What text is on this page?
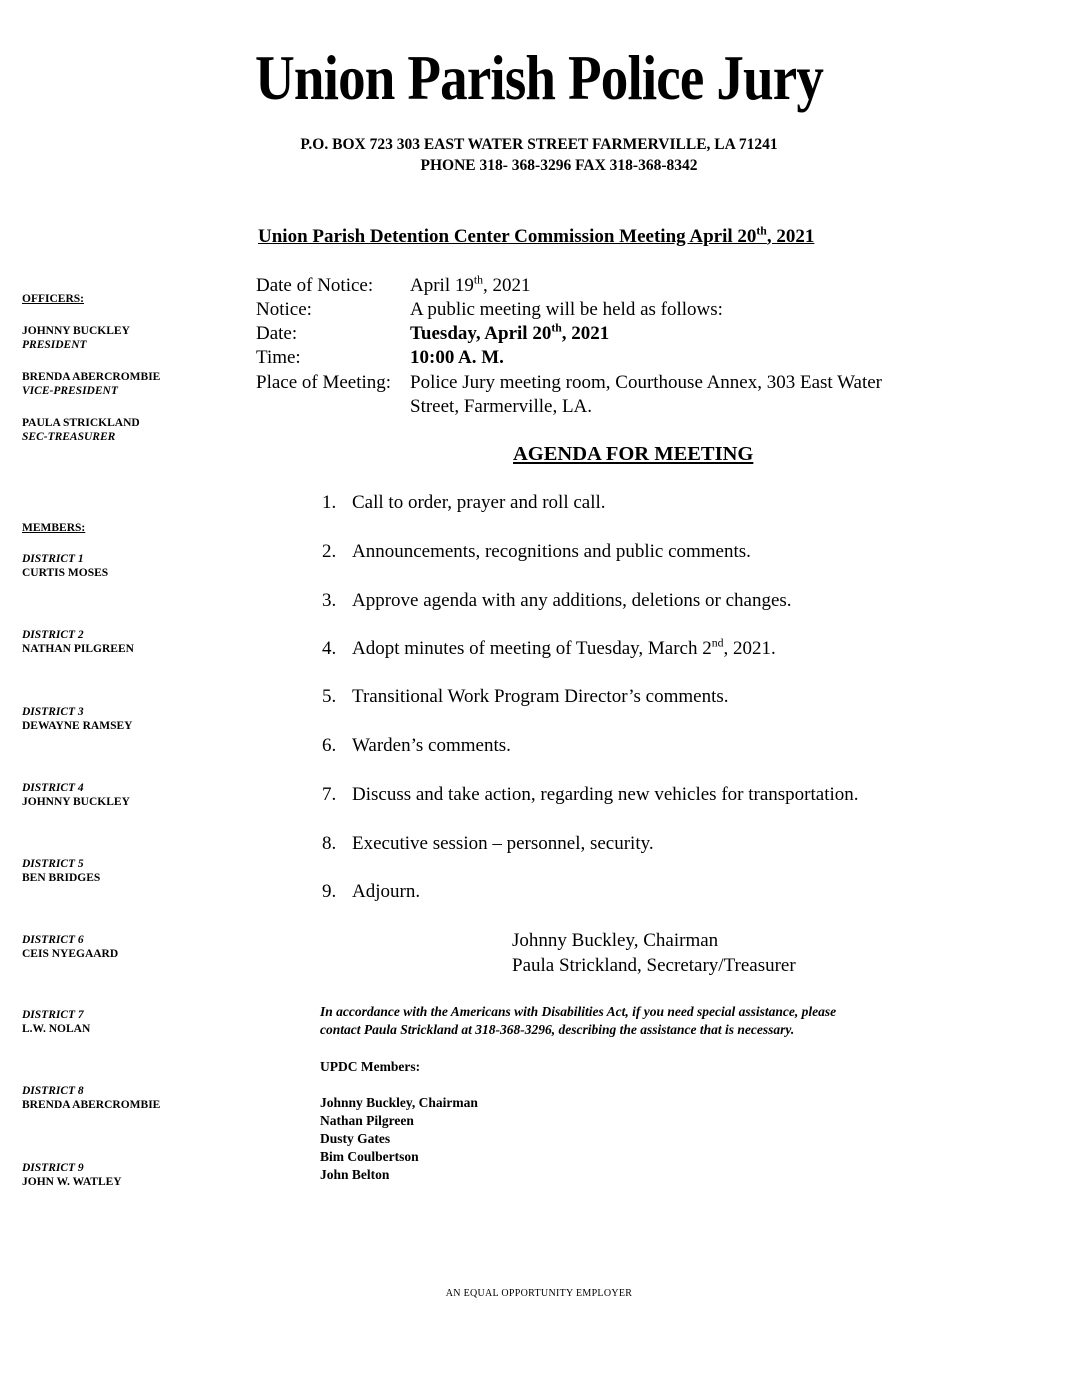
Union Parish Police Jury
P.O. BOX 723 303 EAST WATER STREET FARMERVILLE, LA 71241
PHONE 318- 368-3296 FAX 318-368-8342
Union Parish Detention Center Commission Meeting April 20th, 2021
Date of Notice: April 19th, 2021
Notice:	A public meeting will be held as follows:
Date:	Tuesday, April 20th, 2021
Time:	10:00 A. M.
Place of Meeting: Police Jury meeting room, Courthouse Annex, 303 East Water
Street, Farmerville, LA.
AGENDA FOR MEETING
1. Call to order, prayer and roll call.
2. Announcements, recognitions and public comments.
3. Approve agenda with any additions, deletions or changes.
4. Adopt minutes of meeting of Tuesday, March 2nd, 2021.
5. Transitional Work Program Director’s comments.
6. Warden’s comments.
7. Discuss and take action, regarding new vehicles for transportation.
8. Executive session – personnel, security.
9. Adjourn.
Johnny Buckley, Chairman
Paula Strickland, Secretary/Treasurer
In accordance with the Americans with Disabilities Act, if you need special assistance, please
contact Paula Strickland at 318-368-3296, describing the assistance that is necessary.
UPDC Members:
Johnny Buckley, Chairman
Nathan Pilgreen
Dusty Gates
Bim Coulbertson
John Belton
OFFICERS:
JOHNNY BUCKLEY
PRESIDENT
BRENDA ABERCROMBIE
VICE-PRESIDENT
PAULA STRICKLAND
SEC-TREASURER
MEMBERS:
DISTRICT 1
CURTIS MOSES
DISTRICT 2
NATHAN PILGREEN
DISTRICT 3
DEWAYNE RAMSEY
DISTRICT 4
JOHNNY BUCKLEY
DISTRICT 5
BEN BRIDGES
DISTRICT 6
CEIS NYEGAARD
DISTRICT 7
L.W. NOLAN
DISTRICT 8
BRENDA ABERCROMBIE
DISTRICT 9
JOHN W. WATLEY
AN EQUAL OPPORTUNITY EMPLOYER
